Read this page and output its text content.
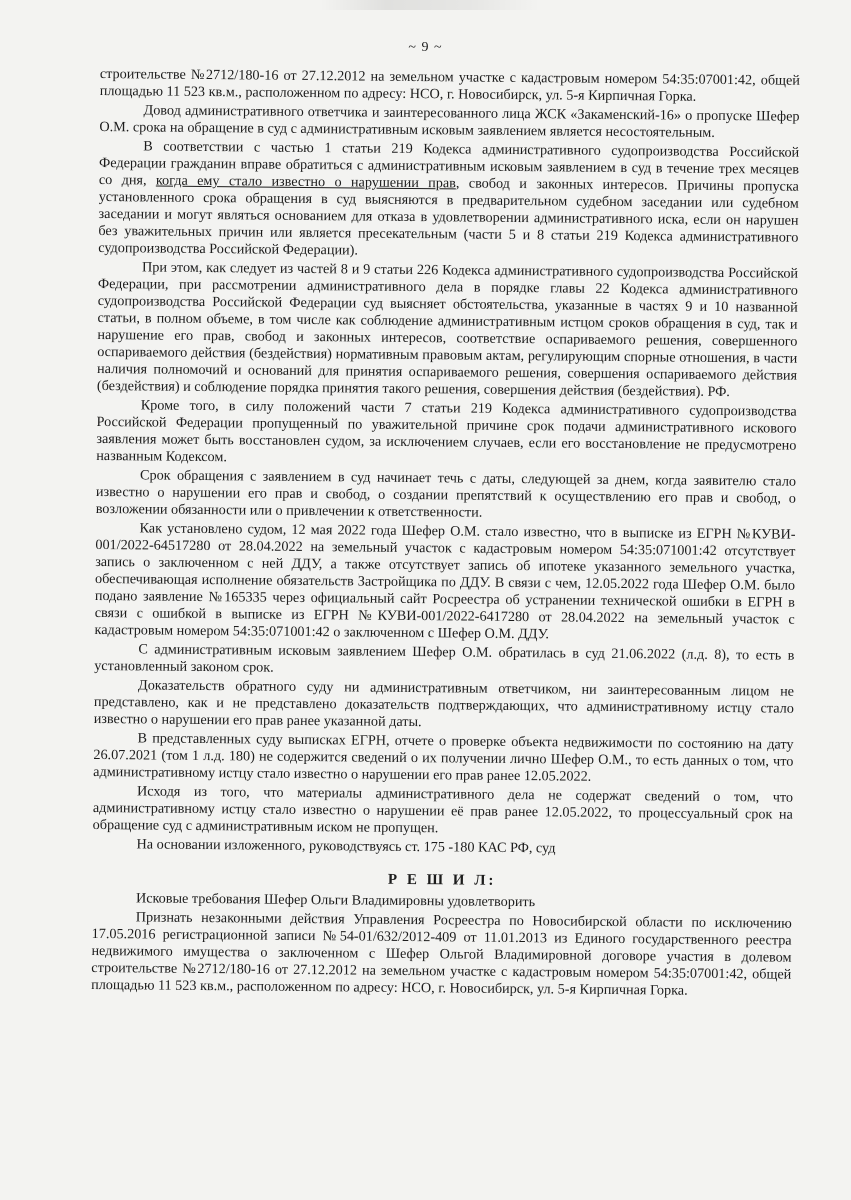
~ 9 ~

строительстве №2712/180-16 от 27.12.2012 на земельном участке с кадастровым номером 54:35:07001:42, общей площадью 11 523 кв.м., расположенном по адресу: НСО, г. Новосибирск, ул. 5-я Кирпичная Горка.

Довод административного ответчика и заинтересованного лица ЖСК «Закаменский-16» о пропуске Шефер О.М. срока на обращение в суд с административным исковым заявлением является несостоятельным.

В соответствии с частью 1 статьи 219 Кодекса административного судопроизводства Российской Федерации гражданин вправе обратиться с административным исковым заявлением в суд в течение трех месяцев со дня, когда ему стало известно о нарушении прав, свобод и законных интересов. Причины пропуска установленного срока обращения в суд выясняются в предварительном судебном заседании или судебном заседании и могут являться основанием для отказа в удовлетворении административного иска, если он нарушен без уважительных причин или является пресекательным (части 5 и 8 статьи 219 Кодекса административного судопроизводства Российской Федерации).

При этом, как следует из частей 8 и 9 статьи 226 Кодекса административного судопроизводства Российской Федерации, при рассмотрении административного дела в порядке главы 22 Кодекса административного судопроизводства Российской Федерации суд выясняет обстоятельства, указанные в частях 9 и 10 названной статьи, в полном объеме, в том числе как соблюдение административным истцом сроков обращения в суд, так и нарушение его прав, свобод и законных интересов, соответствие оспариваемого решения, совершенного оспариваемого действия (бездействия) нормативным правовым актам, регулирующим спорные отношения, в части наличия полномочий и оснований для принятия оспариваемого решения, совершения оспариваемого действия (бездействия) и соблюдение порядка принятия такого решения, совершения действия (бездействия). РФ.

Кроме того, в силу положений части 7 статьи 219 Кодекса административного судопроизводства Российской Федерации пропущенный по уважительной причине срок подачи административного искового заявления может быть восстановлен судом, за исключением случаев, если его восстановление не предусмотрено названным Кодексом.

Срок обращения с заявлением в суд начинает течь с даты, следующей за днем, когда заявителю стало известно о нарушении его прав и свобод, о создании препятствий к осуществлению его прав и свобод, о возложении обязанности или о привлечении к ответственности.

Как установлено судом, 12 мая 2022 года Шефер О.М. стало известно, что в выписке из ЕГРН №КУВИ- 001/2022-64517280 от 28.04.2022 на земельный участок с кадастровым номером 54:35:071001:42 отсутствует запись о заключенном с ней ДДУ, а также отсутствует запись об ипотеке указанного земельного участка, обеспечивающая исполнение обязательств Застройщика по ДДУ. В связи с чем, 12.05.2022 года Шефер О.М. было подано заявление №165335 через официальный сайт Росреестра об устранении технической ошибки в ЕГРН в связи с ошибкой в выписке из ЕГРН №КУВИ-001/2022-6417280 от 28.04.2022 на земельный участок с кадастровым номером 54:35:071001:42 о заключенном с Шефер О.М. ДДУ.

С административным исковым заявлением Шефер О.М. обратилась в суд 21.06.2022 (л.д. 8), то есть в установленный законом срок.

Доказательств обратного суду ни административным ответчиком, ни заинтересованным лицом не представлено, как и не представлено доказательств подтверждающих, что административному истцу стало известно о нарушении его прав ранее указанной даты.

В представленных суду выписках ЕГРН, отчете о проверке объекта недвижимости по состоянию на дату 26.07.2021 (том 1 л.д. 180) не содержится сведений о их получении лично Шефер О.М., то есть данных о том, что административному истцу стало известно о нарушении его прав ранее 12.05.2022.

Исходя из того, что материалы административного дела не содержат сведений о том, что административному истцу стало известно о нарушении её прав ранее 12.05.2022, то процессуальный срок на обращение суд с административным иском не пропущен.

На основании изложенного, руководствуясь ст. 175 -180 КАС РФ, суд

Р Е Ш И Л:

Исковые требования Шефер Ольги Владимировны удовлетворить

Признать незаконными действия Управления Росреестра по Новосибирской области по исключению 17.05.2016 регистрационной записи №54-01/632/2012-409 от 11.01.2013 из Единого государственного реестра недвижимого имущества о заключенном с Шефер Ольгой Владимировной договоре участия в долевом строительстве №2712/180-16 от 27.12.2012 на земельном участке с кадастровым номером 54:35:07001:42, общей площадью 11 523 кв.м., расположенном по адресу: НСО, г. Новосибирск, ул. 5-я Кирпичная Горка.
